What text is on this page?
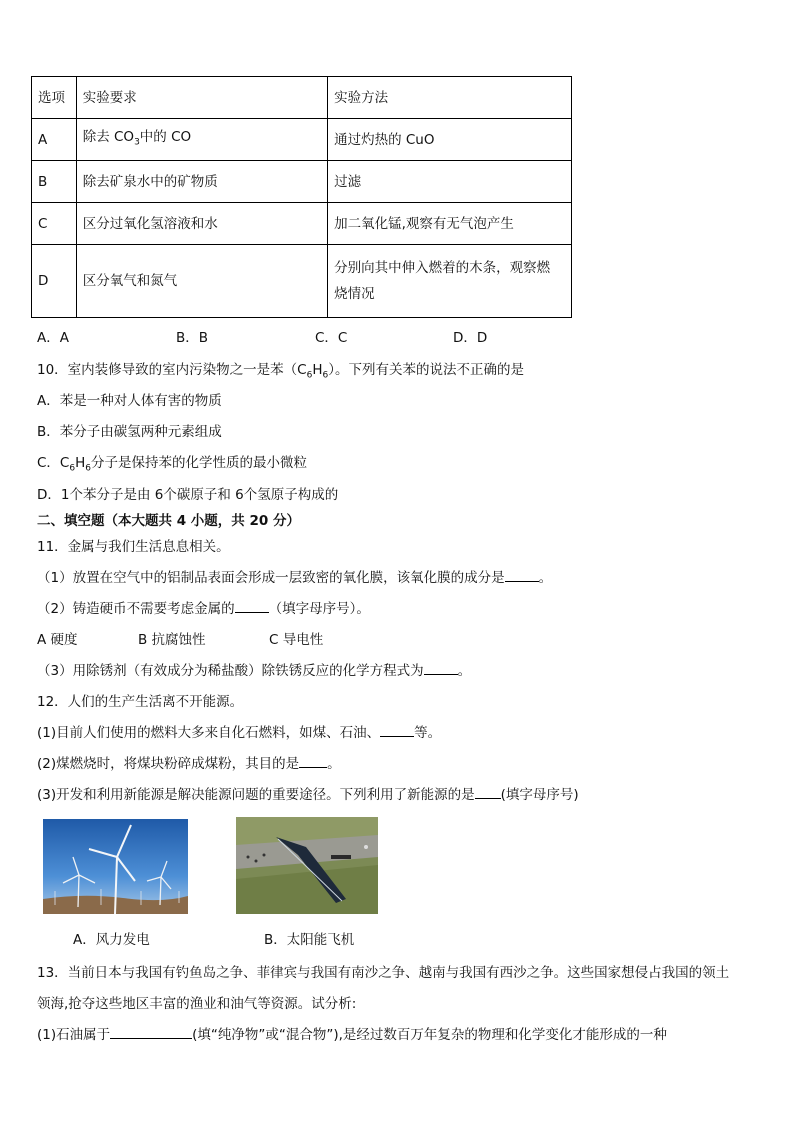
选项	实验要求	实验方法
A	除去 $CO_3$中的 CO	通过灼热的 CuO
B	除去矿泉水中的矿物质	过滤
C	区分过氧化氢溶液和水	加二氧化锰,观察有无气泡产生
D	区分氧气和氮气	分别向其中伸入燃着的木条，观察燃
烧情况
A．A	B．B	C．C	D．D
10．室内装修导致的室内污染物之一是苯$(C_6H_6)$。下列有关苯的说法不正确的是
A．苯是一种对人体有害的物质
B．苯分子由碳氢两种元素组成
C．$C_6H_6$分子是保持苯的化学性质的最小微粒
D．1个苯分子是由 6个碳原子和 6个氢原子构成的
二、填空题（本大题共 4 小题，共 20 分）
11．金属与我们生活息息相关。
（1）放置在空气中的铝制品表面会形成一层致密的氧化膜，该氧化膜的成分是	。
（2）铸造硬币不需要考虑金属的	（填字母序号）。
A 硬度	B 抗腐蚀性	C 导电性
（3）用除锈剂（有效成分为稀盐酸）除铁锈反应的化学方程式为	。
12．人们的生产生活离不开能源。
(1)目前人们使用的燃料大多来自化石燃料，如煤、石油、	等。
(2)煤燃烧时，将煤块粉碎成煤粉，其目的是 。
(3)开发和利用新能源是解决能源问题的重要途径。下列利用了新能源的是 (填字母序号)
A．风力发电	B．太阳能飞机
13．当前日本与我国有钓鱼岛之争、菲律宾与我国有南沙之争、越南与我国有西沙之争。这些国家想侵占我国的领土
领海,抢夺这些地区丰富的渔业和油气等资源。试分析:
(1)石油属于	(填“纯净物”或“混合物”),是经过数百万年复杂的物理和化学变化才能形成的一种
